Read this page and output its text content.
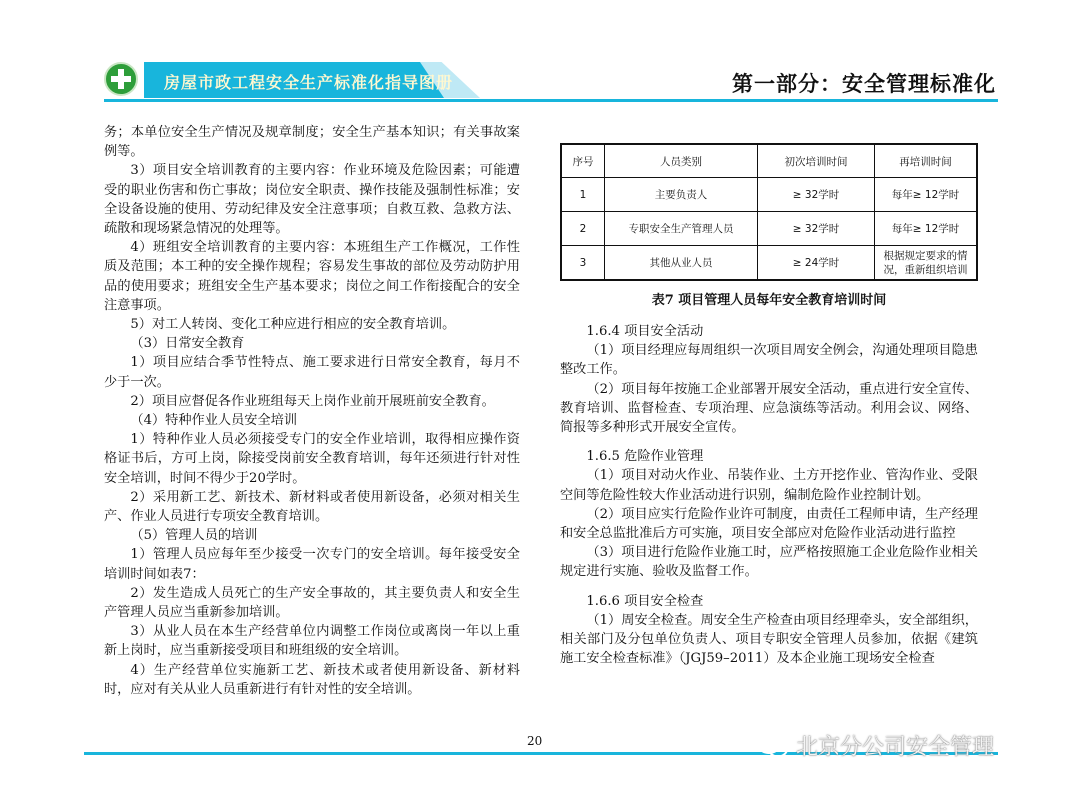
房屋市政工程安全生产标准化指导图册	第一部分：安全管理标准化

务；本单位安全生产情况及规章制度；安全生产基本知识；有关事故案例等。

3）项目安全培训教育的主要内容：作业环境及危险因素；可能遭受的职业伤害和伤亡事故；岗位安全职责、操作技能及强制性标准；安全设备设施的使用、劳动纪律及安全注意事项；自救互救、急救方法、疏散和现场紧急情况的处理等。

4）班组安全培训教育的主要内容：本班组生产工作概况，工作性质及范围；本工种的安全操作规程；容易发生事故的部位及劳动防护用品的使用要求；班组安全生产基本要求；岗位之间工作衔接配合的安全注意事项。

5）对工人转岗、变化工种应进行相应的安全教育培训。

（3）日常安全教育

1）项目应结合季节性特点、施工要求进行日常安全教育，每月不少于一次。

2）项目应督促各作业班组每天上岗作业前开展班前安全教育。

（4）特种作业人员安全培训

1）特种作业人员必须接受专门的安全作业培训，取得相应操作资格证书后，方可上岗，除接受岗前安全教育培训，每年还须进行针对性安全培训，时间不得少于20学时。

2）采用新工艺、新技术、新材料或者使用新设备，必须对相关生产、作业人员进行专项安全教育培训。

（5）管理人员的培训

1）管理人员应每年至少接受一次专门的安全培训。每年接受安全培训时间如表7：

2）发生造成人员死亡的生产安全事故的，其主要负责人和安全生产管理人员应当重新参加培训。

3）从业人员在本生产经营单位内调整工作岗位或离岗一年以上重新上岗时，应当重新接受项目和班组级的安全培训。

4）生产经营单位实施新工艺、新技术或者使用新设备、新材料时，应对有关从业人员重新进行有针对性的安全培训。

序号	人员类别	初次培训时间	再培训时间
1	主要负责人	≥ 32学时	每年≥ 12学时
2	专职安全生产管理人员	≥ 32学时	每年≥ 12学时
3	其他从业人员	≥ 24学时	根据规定要求的情况，重新组织培训
表7 项目管理人员每年安全教育培训时间

1.6.4 项目安全活动

（1）项目经理应每周组织一次项目周安全例会，沟通处理项目隐患整改工作。

（2）项目每年按施工企业部署开展安全活动，重点进行安全宣传、教育培训、监督检查、专项治理、应急演练等活动。利用会议、网络、简报等多种形式开展安全宣传。

1.6.5 危险作业管理

（1）项目对动火作业、吊装作业、土方开挖作业、管沟作业、受限空间等危险性较大作业活动进行识别，编制危险作业控制计划。

（2）项目应实行危险作业许可制度，由责任工程师申请，生产经理和安全总监批准后方可实施，项目安全部应对危险作业活动进行监控

（3）项目进行危险作业施工时，应严格按照施工企业危险作业相关规定进行实施、验收及监督工作。

1.6.6 项目安全检查

（1）周安全检查。周安全生产检查由项目经理牵头，安全部组织，相关部门及分包单位负责人、项目专职安全管理人员参加，依据《建筑施工安全检查标准》（JGJ59–2011）及本企业施工现场安全检查

20	北京分公司安全管理
